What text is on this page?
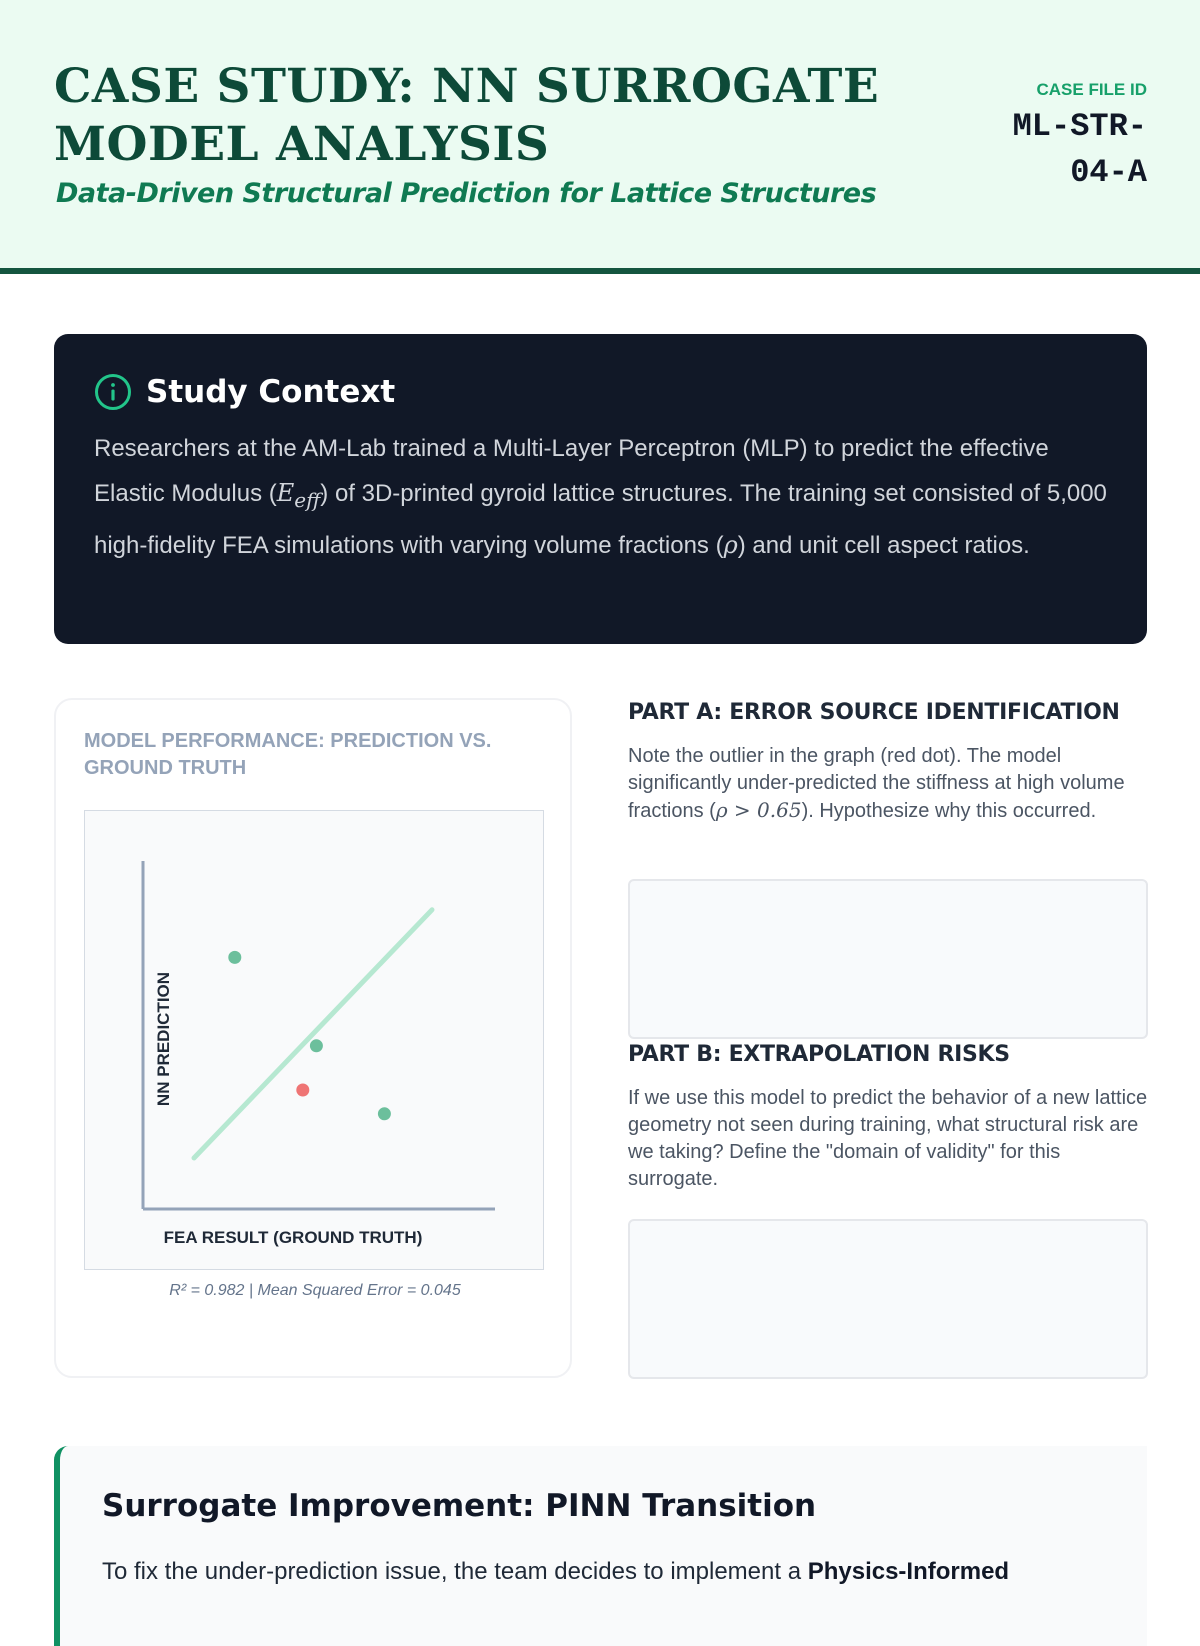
CASE STUDY: NN SURROGATE MODEL ANALYSIS
Data-Driven Structural Prediction for Lattice Structures
CASE FILE ID
ML-STR-04-A
Study Context
Researchers at the AM-Lab trained a Multi-Layer Perceptron (MLP) to predict the effective Elastic Modulus $(E_{eff})$ of 3D-printed gyroid lattice structures. The training set consisted of 5,000 high-fidelity FEA simulations with varying volume fractions (ρ) and unit cell aspect ratios.
MODEL PERFORMANCE: PREDICTION VS. GROUND TRUTH
FEA RESULT (GROUND TRUTH)
NN PREDICTION
R² = 0.982 | Mean Squared Error = 0.045
PART A: ERROR SOURCE IDENTIFICATION
Note the outlier in the graph (red dot). The model significantly under-predicted the stiffness at high volume fractions (ρ > 0.65). Hypothesize why this occurred.
PART B: EXTRAPOLATION RISKS
If we use this model to predict the behavior of a new lattice geometry not seen during training, what structural risk are we taking? Define the "domain of validity" for this surrogate.
Surrogate Improvement: PINN Transition
To fix the under-prediction issue, the team decides to implement a Physics-Informed
